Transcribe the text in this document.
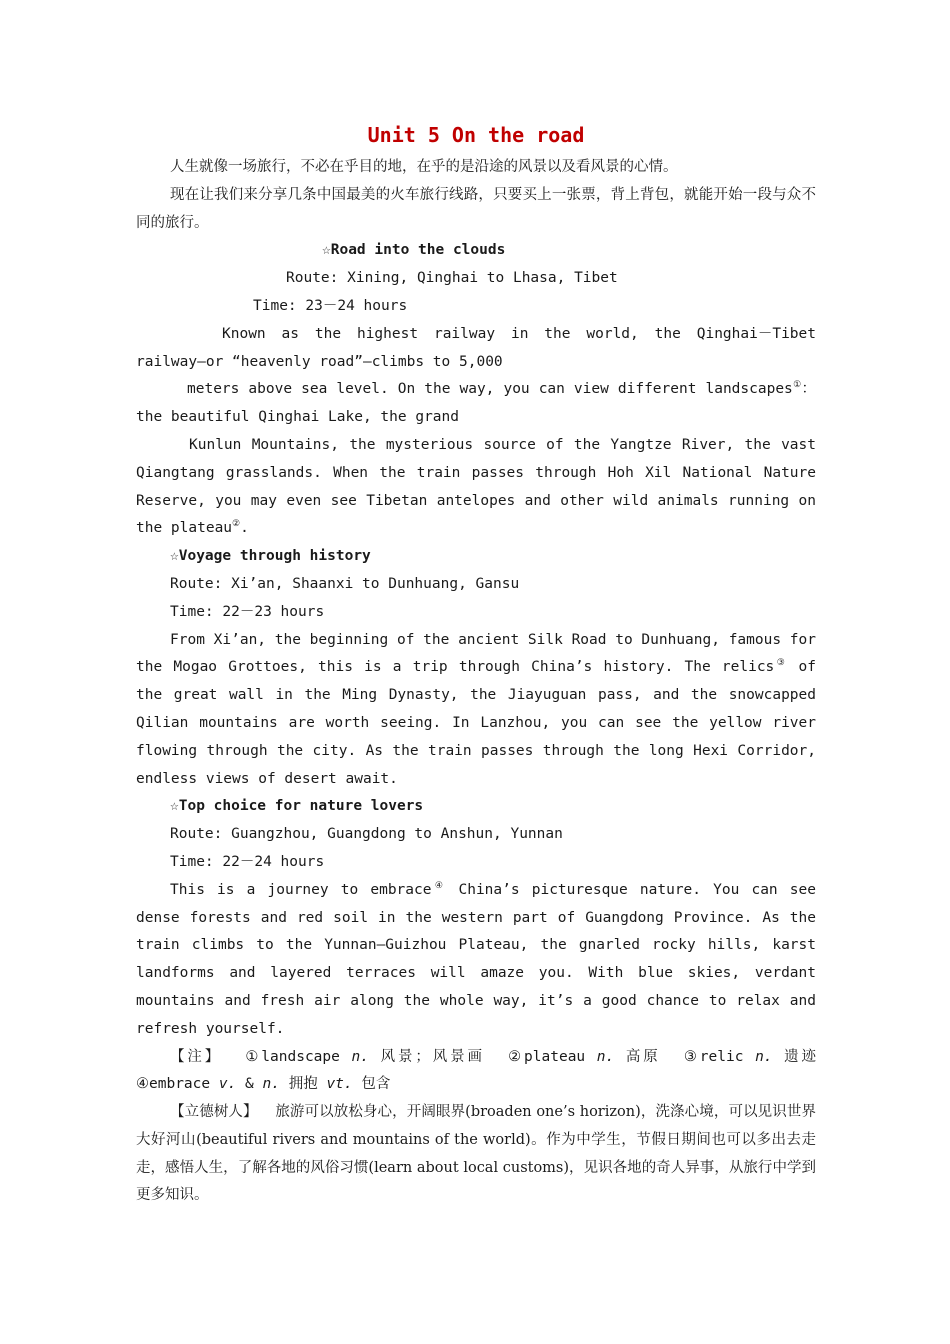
Unit 5 On the road

人生就像一场旅行，不必在乎目的地，在乎的是沿途的风景以及看风景的心情。

现在让我们来分享几条中国最美的火车旅行线路，只要买上一张票，背上背包，就能开始一段与众不同的旅行。

☆Road into the clouds

Route: Xining, Qinghai to Lhasa, Tibet

Time: 23－24 hours

Known as the highest railway in the world, the Qinghai－Tibet railway—or “heavenly road”—climbs to 5,000

meters above sea level. On the way, you can view different landscapes①：the beautiful Qinghai Lake, the grand

Kunlun Mountains, the mysterious source of the Yangtze River, the vast Qiangtang grasslands. When the train passes through Hoh Xil National Nature Reserve, you may even see Tibetan antelopes and other wild animals running on the plateau②.

☆Voyage through history

Route: Xi’an, Shaanxi to Dunhuang, Gansu

Time: 22－23 hours

From Xi’an, the beginning of the ancient Silk Road to Dunhuang, famous for the Mogao Grottoes, this is a trip through China’s history. The relics③ of the great wall in the Ming Dynasty, the Jiayuguan pass, and the snowcapped Qilian mountains are worth seeing. In Lanzhou, you can see the yellow river flowing through the city. As the train passes through the long Hexi Corridor, endless views of desert await.

☆Top choice for nature lovers

Route: Guangzhou, Guangdong to Anshun, Yunnan

Time: 22－24 hours

This is a journey to embrace④ China’s picturesque nature. You can see dense forests and red soil in the western part of Guangdong Province. As the train climbs to the Yunnan—Guizhou Plateau, the gnarled rocky hills, karst landforms and layered terraces will amaze you. With blue skies, verdant mountains and fresh air along the whole way, it’s a good chance to relax and refresh yourself.

【注】 ①landscape n. 风景；风景画 ②plateau n. 高原 ③relic n. 遗迹 ④embrace v. & n. 拥抱 vt. 包含

【立德树人】 旅游可以放松身心，开阔眼界(broaden one’s horizon)，洗涤心境，可以见识世界大好河山(beautiful rivers and mountains of the world)。作为中学生，节假日期间也可以多出去走走，感悟人生，了解各地的风俗习惯(learn about local customs)，见识各地的奇人异事，从旅行中学到更多知识。
